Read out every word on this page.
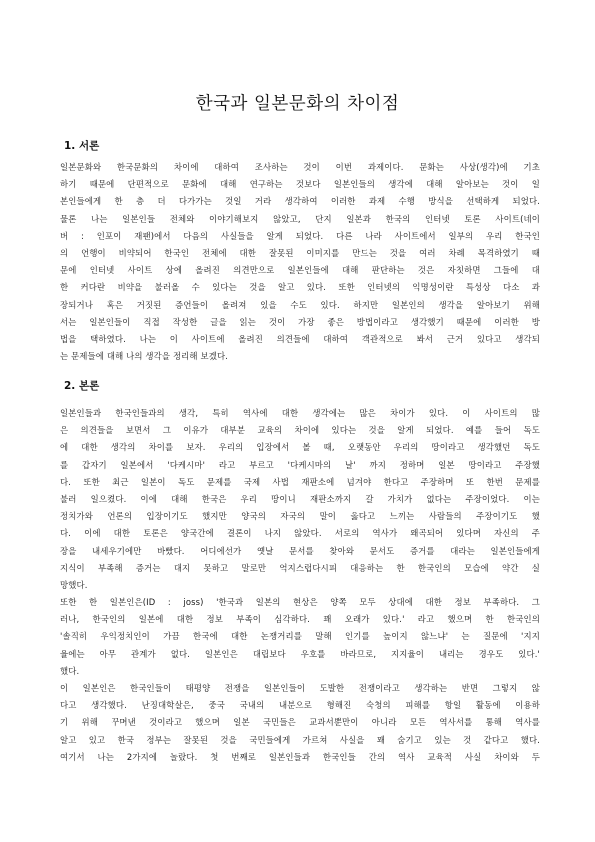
한국과 일본문화의 차이점
1. 서론
일본문화와 한국문화의 차이에 대하여 조사하는 것이 이번 과제이다. 문화는 사상(생각)에 기초
하기 때문에 단편적으로 문화에 대해 연구하는 것보다 일본인들의 생각에 대해 알아보는 것이 일
본인들에게 한 층 더 다가가는 것일 거라 생각하여 이러한 과제 수행 방식을 선택하게 되었다.
물론 나는 일본인들 전체와 이야기해보지 않았고, 단지 일본과 한국의 인터넷 토론 사이트(네이
버 : 인포이 재팬)에서 다음의 사실들을 알게 되었다. 다른 나라 사이트에서 일부의 우리 한국인
의 언행이 비약되어 한국인 전체에 대한 잘못된 이미지를 만드는 것을 여러 차례 목격하였기 때
문에 인터넷 사이트 상에 올려진 의견만으로 일본인들에 대해 판단하는 것은 자칫하면 그들에 대
한 커다란 비약을 불러올 수 있다는 것을 알고 있다. 또한 인터넷의 익명성이란 특성상 다소 과
장되거나 혹은 거짓된 증언들이 올려져 있을 수도 있다. 하지만 일본인의 생각을 알아보기 위해
서는 일본인들이 직접 작성한 글을 읽는 것이 가장 좋은 방법이라고 생각했기 때문에 이러한 방
법을 택하였다. 나는 이 사이트에 올려진 의견들에 대하여 객관적으로 봐서 근거 있다고 생각되
는 문제들에 대해 나의 생각을 정리해 보겠다.
2. 본론
일본인들과 한국인들과의 생각, 특히 역사에 대한 생각에는 많은 차이가 있다. 이 사이트의 많
은 의견들을 보면서 그 이유가 대부분 교육의 차이에 있다는 것을 알게 되었다. 예를 들어 독도
에 대한 생각의 차이를 보자. 우리의 입장에서 볼 때, 오랫동안 우리의 땅이라고 생각했던 독도
를 갑자기 일본에서 '다케시마' 라고 부르고 '다케시마의 날' 까지 정하며 일본 땅이라고 주장했
다. 또한 최근 일본이 독도 문제를 국제 사법 재판소에 넘겨야 한다고 주장하며 또 한번 문제를
불러 일으켰다. 이에 대해 한국은 우리 땅이니 재판소까지 갈 가치가 없다는 주장이었다. 이는
정치가와 언론의 입장이기도 했지만 양국의 자국의 말이 옳다고 느끼는 사람들의 주장이기도 했
다. 이에 대한 토론은 양국간에 결론이 나지 않았다. 서로의 역사가 왜곡되어 있다며 자신의 주
장을 내세우기에만 바빴다. 어디에선가 옛날 문서를 찾아와 문서도 증거를 대라는 일본인들에게
지식이 부족해 증거는 대지 못하고 말로만 억지스럽다시피 대응하는 한 한국인의 모습에 약간 실
망했다.
또한 한 일본인은(ID : joss) '한국과 일본의 현상은 양쪽 모두 상대에 대한 정보 부족하다. 그
러나, 한국인의 일본에 대한 정보 부족이 심각하다. 꽤 오래가 있다.' 라고 했으며 한 한국인의
'솔직히 우익정치인이 가끔 한국에 대한 논쟁거리를 말해 인기를 높이지 않느냐' 는 질문에 '지지
율에는 아무 관계가 없다. 일본인은 대립보다 우호를 바라므로, 지지율이 내리는 경우도 있다.'
했다.
이 일본인은 한국인들이 태평양 전쟁을 일본인들이 도발한 전쟁이라고 생각하는 반면 그렇지 않
다고 생각했다. 난징대학살은, 중국 국내의 내분으로 형해진 숙청의 피해를 항일 활동에 이용하
기 위해 꾸며낸 것이라고 했으며 일본 국민들은 교과서뿐만이 아니라 모든 역사서를 통해 역사를
알고 있고 한국 정부는 잘못된 것을 국민들에게 가르쳐 사실을 꽤 숨기고 있는 것 같다고 했다.
여기서 나는 2가지에 놀랐다. 첫 번째로 일본인들과 한국인들 간의 역사 교육적 사실 차이와 두
